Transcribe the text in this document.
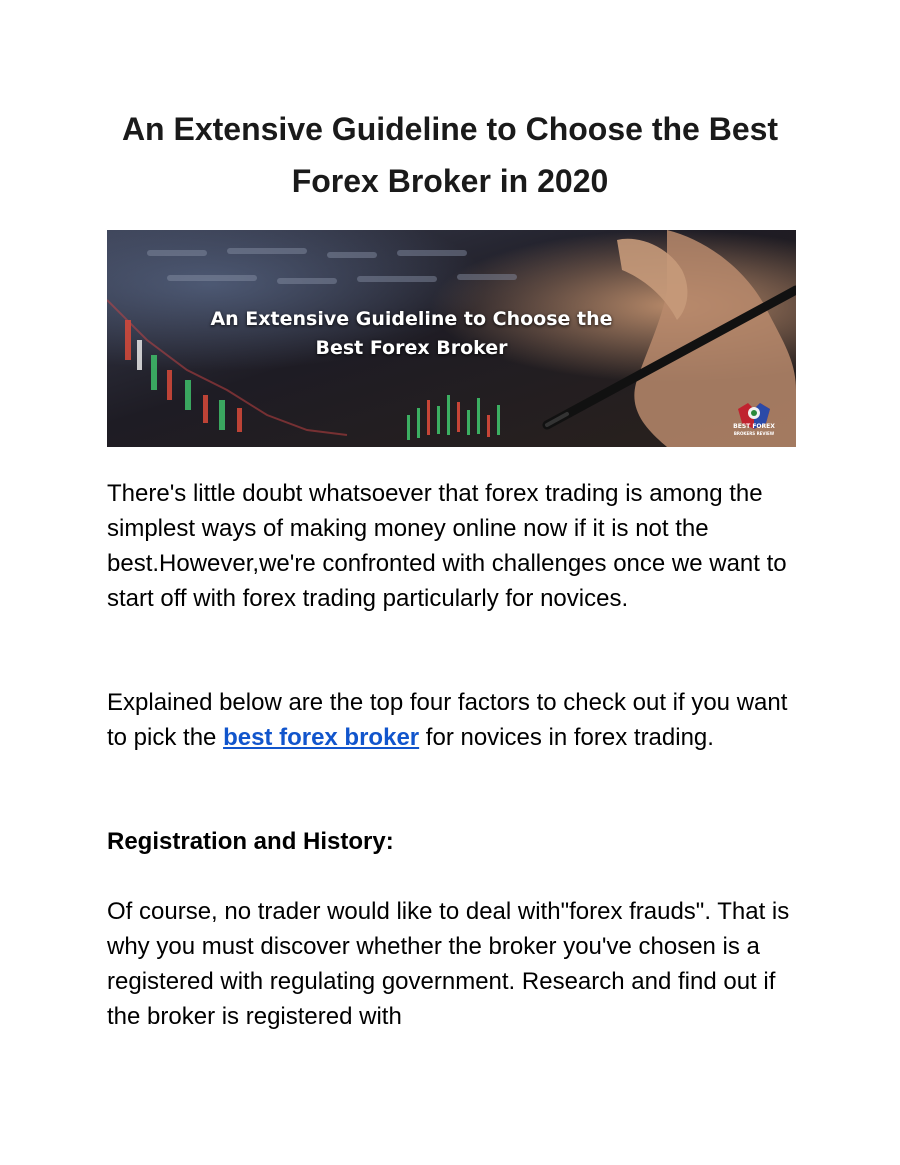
An Extensive Guideline to Choose the Best
Forex Broker in 2020
An Extensive Guideline to Choose the
Best Forex Broker
BEST FOREX
BROKERS REVIEW

There's little doubt whatsoever that forex trading is among the simplest ways of making money online now if it is not the best.However,we're confronted with challenges once we want to start off with forex trading particularly for novices.

Explained below are the top four factors to check out if you want to pick the best forex broker for novices in forex trading.

Registration and History:

Of course, no trader would like to deal with"forex frauds". That is why you must discover whether the broker you've chosen is a registered with regulating government. Research and find out if the broker is registered with
